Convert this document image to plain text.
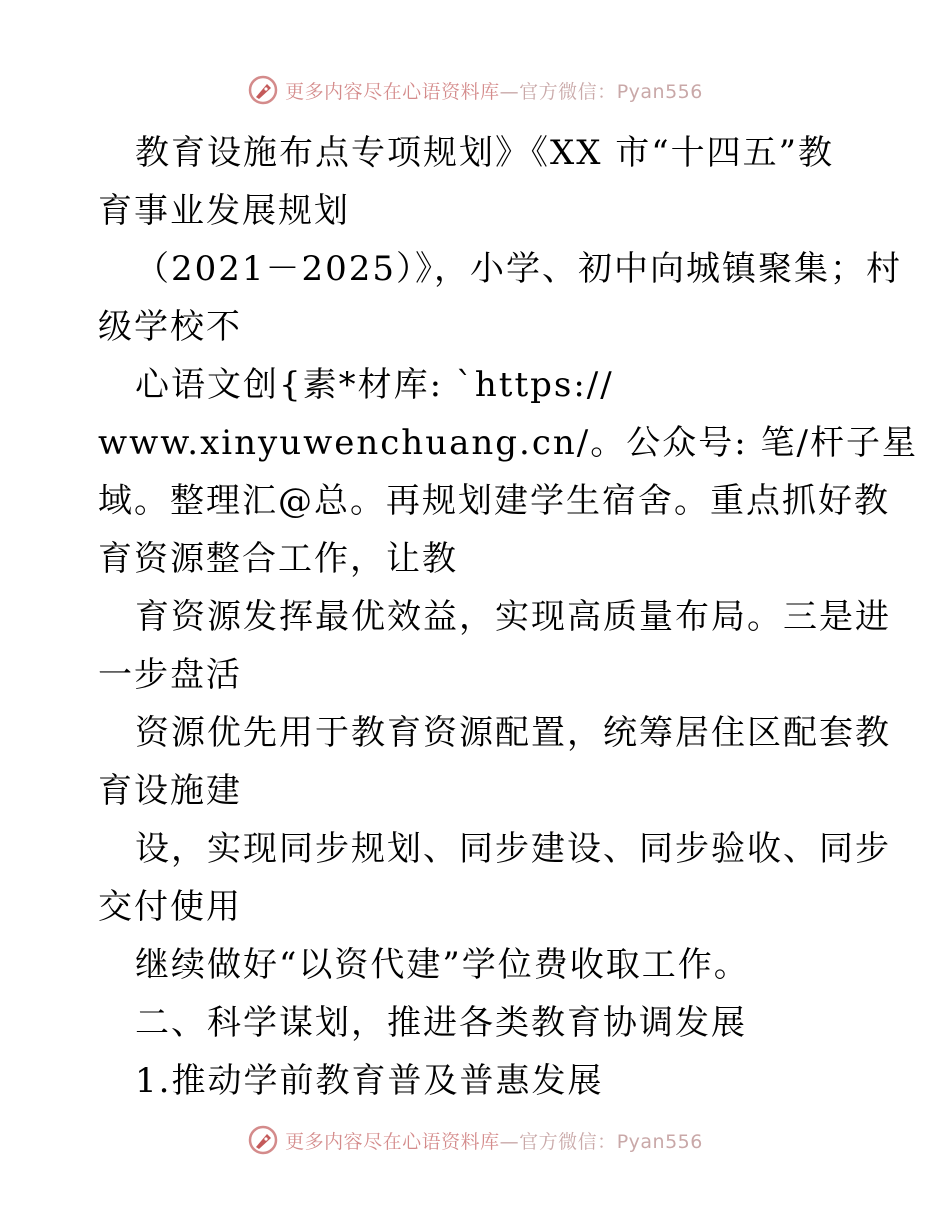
更多内容尽在心语资料库—官方微信：Pyan556
教育设施布点专项规划》《XX 市“十四五”教
育事业发展规划
（2021－2025）》，小学、初中向城镇聚集；村
级学校不
心语文创{素*材库: `https://
www.xinyuwenchuang.cn/。公众号: 笔/杆子星
域。整理汇@总。再规划建学生宿舍。重点抓好教
育资源整合工作，让教
育资源发挥最优效益，实现高质量布局。三是进
一步盘活
资源优先用于教育资源配置，统筹居住区配套教
育设施建
设，实现同步规划、同步建设、同步验收、同步
交付使用
继续做好“以资代建”学位费收取工作。
二、科学谋划，推进各类教育协调发展
1.推动学前教育普及普惠发展
更多内容尽在心语资料库—官方微信：Pyan556
